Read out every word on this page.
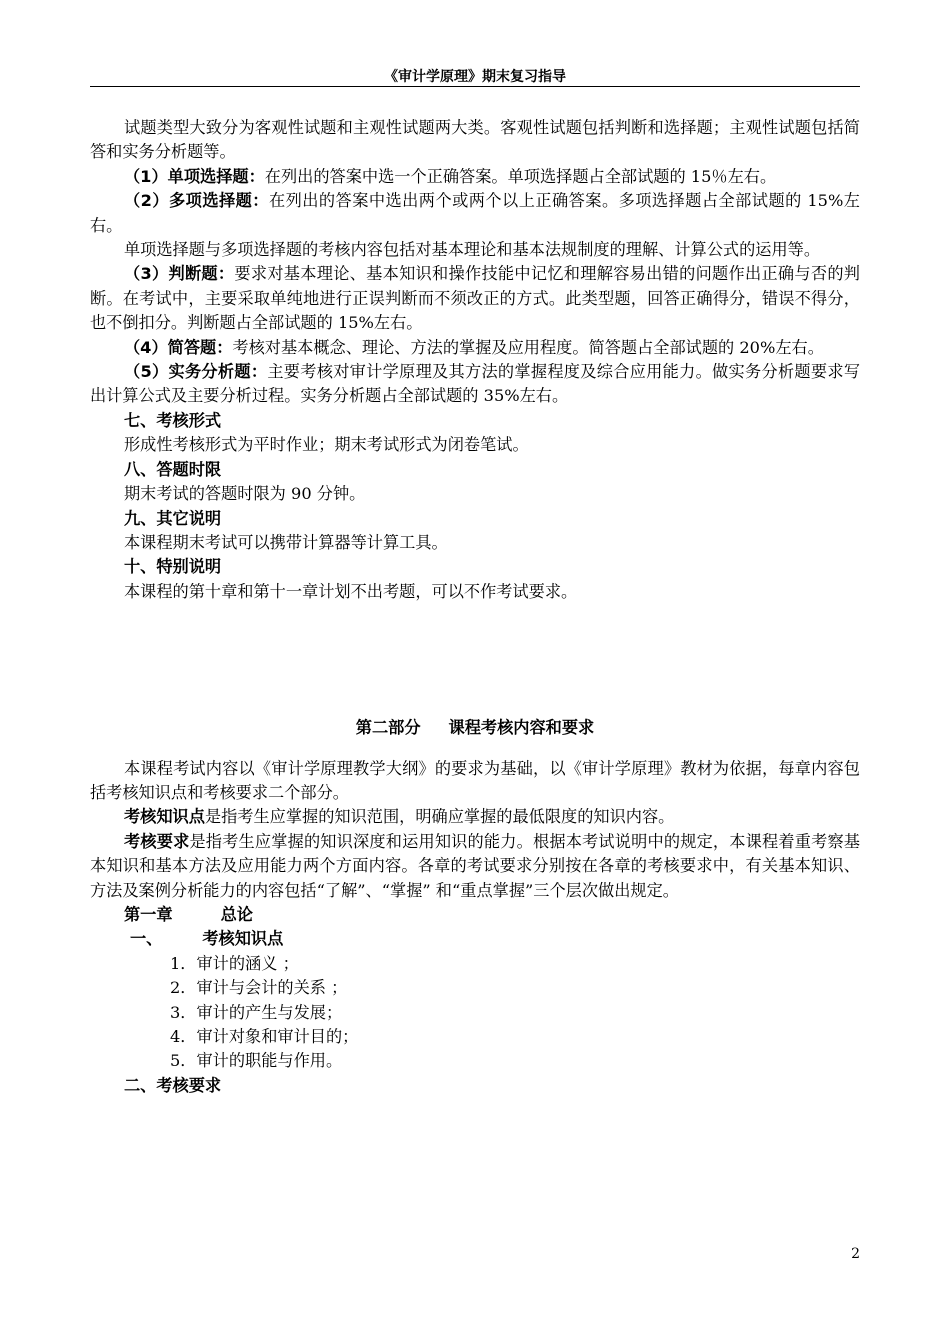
《审计学原理》期末复习指导

试题类型大致分为客观性试题和主观性试题两大类。客观性试题包括判断和选择题；主观性试题包括简答和实务分析题等。

（1）单项选择题：在列出的答案中选一个正确答案。单项选择题占全部试题的 15％左右。

（2）多项选择题：在列出的答案中选出两个或两个以上正确答案。多项选择题占全部试题的 15%左右。

单项选择题与多项选择题的考核内容包括对基本理论和基本法规制度的理解、计算公式的运用等。

（3）判断题：要求对基本理论、基本知识和操作技能中记忆和理解容易出错的问题作出正确与否的判断。在考试中，主要采取单纯地进行正误判断而不须改正的方式。此类型题，回答正确得分，错误不得分，也不倒扣分。判断题占全部试题的 15%左右。

（4）简答题：考核对基本概念、理论、方法的掌握及应用程度。简答题占全部试题的 20%左右。

（5）实务分析题：主要考核对审计学原理及其方法的掌握程度及综合应用能力。做实务分析题要求写出计算公式及主要分析过程。实务分析题占全部试题的 35%左右。

七、考核形式

形成性考核形式为平时作业；期末考试形式为闭卷笔试。

八、答题时限

期末考试的答题时限为 90 分钟。

九、其它说明

本课程期末考试可以携带计算器等计算工具。

十、特别说明

本课程的第十章和第十一章计划不出考题，可以不作考试要求。

第二部分 课程考核内容和要求

本课程考试内容以《审计学原理教学大纲》的要求为基础，以《审计学原理》教材为依据，每章内容包括考核知识点和考核要求二个部分。

考核知识点是指考生应掌握的知识范围，明确应掌握的最低限度的知识内容。

考核要求是指考生应掌握的知识深度和运用知识的能力。根据本考试说明中的规定，本课程着重考察基本知识和基本方法及应用能力两个方面内容。各章的考试要求分别按在各章的考核要求中，有关基本知识、方法及案例分析能力的内容包括“了解”、“掌握” 和“重点掌握”三个层次做出规定。

第一章	总论

一、 考核知识点

1．审计的涵义 ；

2．审计与会计的关系 ；

3．审计的产生与发展；

4．审计对象和审计目的；

5．审计的职能与作用。

二、考核要求

2
